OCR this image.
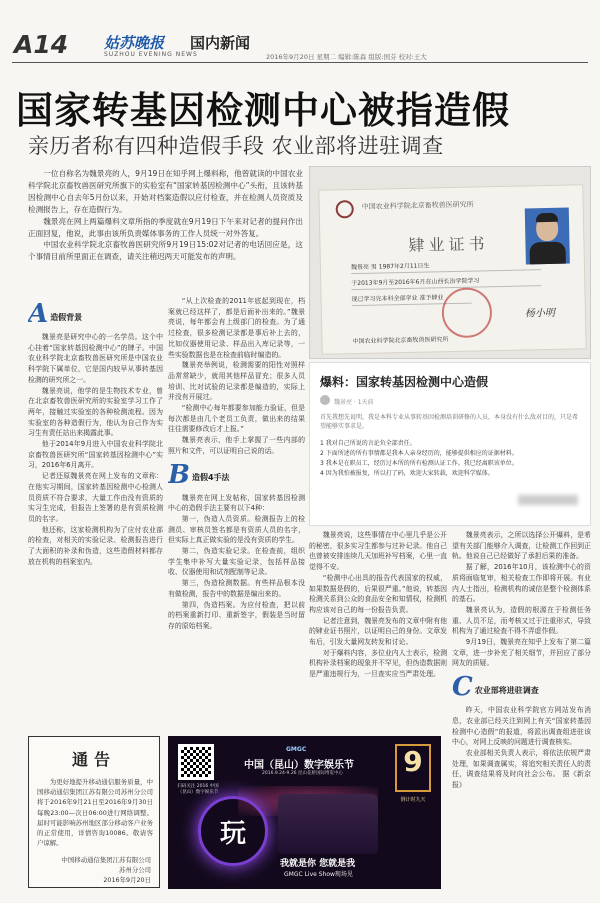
A14 姑苏晚报
SUZHOU EVENING NEWS
国内新闻
2016年9月20日 星期二 编辑:陈森 组版:国芬 校对:王大
国家转基因检测中心被指造假
亲历者称有四种造假手段 农业部将进驻调查

一位自称名为魏景亮的人，9月19日在知乎网上爆料称，他曾就读的中国农业科学院北京畜牧兽医研究所旗下的实验室有“国家转基因检测中心”头衔，且该转基因检测中心自去年5月份以来，开始对档案造假以应付检查，并在检测人员资质及检测报告上，存在造假行为。

魏景亮在网上两篇爆料文章所指的季度就在9月19日下午来对记者的提问作出正面回复，他说，此事由该所负责媒体事务的工作人员统一对外答复。

中国农业科学院北京畜牧兽医研究所9月19日15:02对记者的电话回应是，这个事情目前所里面正在调查，请关注稍迟两天可能发布的声明。

中国农业科学院北京畜牧兽医研究所
肄业证书
魏景亮 男 1987年2月11日生
于2013年9月至2016年6月在山西长治学院学习
现已学习完本科全部学业 准予肄业
杨小明
中国农业科学院北京畜牧兽医研究所
爆料：国家转基因检测中心造假
魏景亮 · 1天前
首先我想先说明，我是本科专业从事转基因检测培训研修的人员，本身没有什么敌对目的，只是希望能够实事求是。
1 我对自己所说的言论负全部责任。
2 下面所述的所有事情都是我本人亲身经历的，能够提供相应的证据材料。
3 我本是在职员工，经历过本所的所有检测认证工作。我已经离职该单位。
4 因为我怕被报复，所以打了码，欢迎大家转载，欢迎科学媒体。
A 造假背景

魏景亮是研究中心的一名学员。这个中心挂着“国家转基因检测中心”的牌子。中国农业科学院北京畜牧兽医研究所是中国农业科学院下属单位，它是国内较早从事转基因检测的研究所之一。

魏景亮说，他学的是生物技术专业，曾在北京畜牧兽医研究所的实验室学习工作了两年，接触过实验室的各种检测流程。因为实验室的各种造假行为，他认为自己作为实习生有责任站出来揭露此事。

他于2014年9月进入中国农业科学院北京畜牧兽医研究所“国家转基因检测中心”实习，2016年6月离开。

记者还原魏景亮在网上发布的文章称：在他实习期间，国家转基因检测中心检测人员资质不符合要求，大量工作由没有资质的实习生完成，但报告上签署的是有资质检测员的名字。

他还称，这家检测机构为了应付农业部的检查，对相关的实验记录、检测报告进行了大面积的补录和伪造，这些造假材料都存放在机构的档案室内。

“从上次检查的2011年底起到现在，档案就已经这样了，都是后面补出来的。”魏景亮说，每年都会有上级部门的检查。为了通过检查，很多检测记录都是事后补上去的，比如仪器使用记录、样品出入库记录等，一些实验数据也是在检查前临时编造的。

魏景亮举例说，检测需要的阳性对照样品常常缺少，就用其他样品冒充；很多人员培训、比对试验的记录都是编造的，实际上并没有开展过。

“检测中心每年都要参加能力验证，但是每次都是由几个老员工负责，做出来的结果往往需要修改后才上报。”

魏景亮表示，他手上掌握了一些内部的照片和文件，可以证明自己说的话。

B 造假4手法

魏景亮在网上发帖称，国家转基因检测中心的造假手法主要有以下4种：

第一，伪造人员资质。检测报告上的检测员、审核员签名都是有资质人员的名字，但实际上真正做实验的是没有资质的学生。

第二，伪造实验记录。在检查前，组织学生集中补写大量实验记录，包括样品接收、仪器使用和试剂配制等记录。

第三，伪造检测数据。有些样品根本没有做检测，报告中的数据是编出来的。

第四，伪造档案。为应付检查，把以前的档案重新打印、重新签字，假装是当时留存的原始档案。

魏景亮说，这些事情在中心里几乎是公开的秘密，很多实习生都参与过补记录。他自己也曾被安排连续几天加班补写档案，心里一直觉得不安。

“检测中心出具的报告代表国家的权威，如果数据是假的，后果很严重。”他说，转基因检测关系到公众的食品安全和知情权，检测机构应该对自己的每一份报告负责。

记者注意到，魏景亮发布的文章中附有他的肄业证书照片，以证明自己的身份。文章发布后，引发大量网友转发和讨论。

对于爆料内容，多位业内人士表示，检测机构补录档案的现象并不罕见，但伪造数据则是严重违规行为，一旦查实应当严肃处理。

魏景亮表示，之所以选择公开爆料，是希望有关部门能够介入调查，让检测工作回到正轨。他说自己已经做好了承担后果的准备。

据了解，2016年10月，该检测中心的资质将面临复审，相关检查工作即将开展。有业内人士指出，检测机构的诚信是整个检测体系的基石。

魏景亮认为，造假的根源在于检测任务重、人员不足，而考核又过于注重形式，导致机构为了通过检查不得不弄虚作假。

9月19日，魏景亮在知乎上发布了第二篇文章，进一步补充了相关细节，并回应了部分网友的质疑。

C 农业部将进驻调查

昨天，中国农业科学院官方网站发布消息，农业部已经关注到网上有关“国家转基因检测中心造假”的报道，将派出调查组进驻该中心，对网上反映的问题进行调查核实。

农业部相关负责人表示，将依法依规严肃处理，如果调查属实，将追究相关责任人的责任，调查结果将及时向社会公布。 据《新京报》

通告

为更好地提升移动通信服务质量，中国移动通信集团江苏有限公司苏州分公司将于2016年9月21日至2016年9月30日每晚23:00—次日06:00进行网络调整。届时可能影响苏州地区部分移动客户业务的正常使用，详情咨询10086。敬请客户谅解。

中国移动通信集团江苏有限公司
苏州分公司
2016年9月20日
扫码关注 2016 中国（昆山）数字娱乐节
GMGC
中国（昆山）数字娱乐节
2016.9.24-9.26 昆山花桥国际博览中心
玩
9
倒计时九天
我就是你 您就是我
GMGC Live Show现场见
